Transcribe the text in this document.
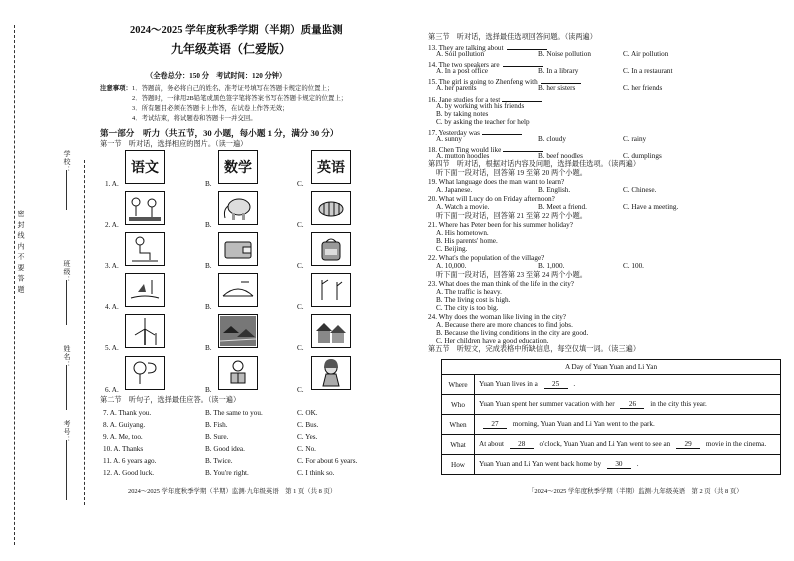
密 封 线 内 不 要 答 题
学校：
班级：
姓名：
考号：
2024～2025 学年度秋季学期（半期）质量监测
九年级英语（仁爱版）
（全卷总分：150 分　考试时间：120 分钟）
注意事项： 1．答题前，务必将自己的姓名、准考证号填写在答题卡规定的位置上；
2．答题时，一律用2B铅笔或黑色签字笔将答案书写在答题卡规定的位置上；
3．所有题目必须在答题卡上作答，在试卷上作答无效；
4．考试结束，将试题卷和答题卡一并交回。
第一部分　听力（共五节，30 小题，每小题 1 分，满分 30 分）
第一节　听对话，选择相应的图片。（读一遍）
1. A.
语文
B.
数学
C.
英语
2. A.	B.	C.
3. A.	B.	C.
4. A.	B.	C.
5. A.	B.	C.
6. A.	B.	C.
第二节　听句子，选择最佳应答。（读一遍）
7. A. Thank you.	B. The same to you.	C. OK.
8. A. Guiyang.	B. Fish.	C. Bus.
9. A. Me, too.	B. Sure.	C. Yes.
10. A. Thanks	B. Good idea.	C. No.
11. A. 6 years ago.	B. Twice.	C. For about 6 years.
12. A. Good luck.	B. You're right.	C. I think so.
2024～2025 学年度秋季学期（半期）监测·九年级英语　第 1 页（共 8 页）
第三节　听对话，选择最佳选项回答问题。（读两遍）
13. They are talking about
A. Soil pollution	B. Noise pollution	C. Air pollution
14. The two speakers are
A. In a post office	B. In a library	C. In a restaurant
15. The girl is going to Zhenfeng with
A. her parents	B. her sisters	C. her friends
16. Jane studies for a test
A. by working with his friends
B. by taking notes
C. by asking the teacher for help
17. Yesterday was
A. sunny	B. cloudy	C. rainy
18. Chen Ting would like
A. mutton noodles	B. beef noodles	C. dumplings
第四节　听对话，根据对话内容及问题，选择最佳选项。（读两遍）
听下面一段对话，回答第 19 至第 20 两个小题。
19. What language does the man want to learn?
A. Japanese.	B. English.	C. Chinese.
20. What will Lucy do on Friday afternoon?
A. Watch a movie.	B. Meet a friend.	C. Have a meeting.
听下面一段对话，回答第 21 至第 22 两个小题。
21. Where has Peter been for his summer holiday?
A. His hometown.
B. His parents' home.
C. Beijing.
22. What's the population of the village?
A. 10,000.	B. 1,000.	C. 100.
听下面一段对话，回答第 23 至第 24 两个小题。
23. What does the man think of the life in the city?
A. The traffic is heavy.
B. The living cost is high.
C. The city is too big.
24. Why does the woman like living in the city?
A. Because there are more chances to find jobs.
B. Because the living conditions in the city are good.
C. Her children have a good education.
第五节　听短文，完成表格中所缺信息，每空仅填一词。（读三遍）
A Day of Yuan Yuan and Li Yan	
Where	Yuan Yuan lives in a 25 .
Who	Yuan Yuan spent her summer vacation with her 26 in the city this year.
When	27 morning, Yuan Yuan and Li Yan went to the park.
What	At about 28 o'clock, Yuan Yuan and Li Yan went to see an 29 movie in the cinema.
How	Yuan Yuan and Li Yan went back home by 30 .
「2024～2025 学年度秋季学期（半期）监测·九年级英语　第 2 页（共 8 页）
